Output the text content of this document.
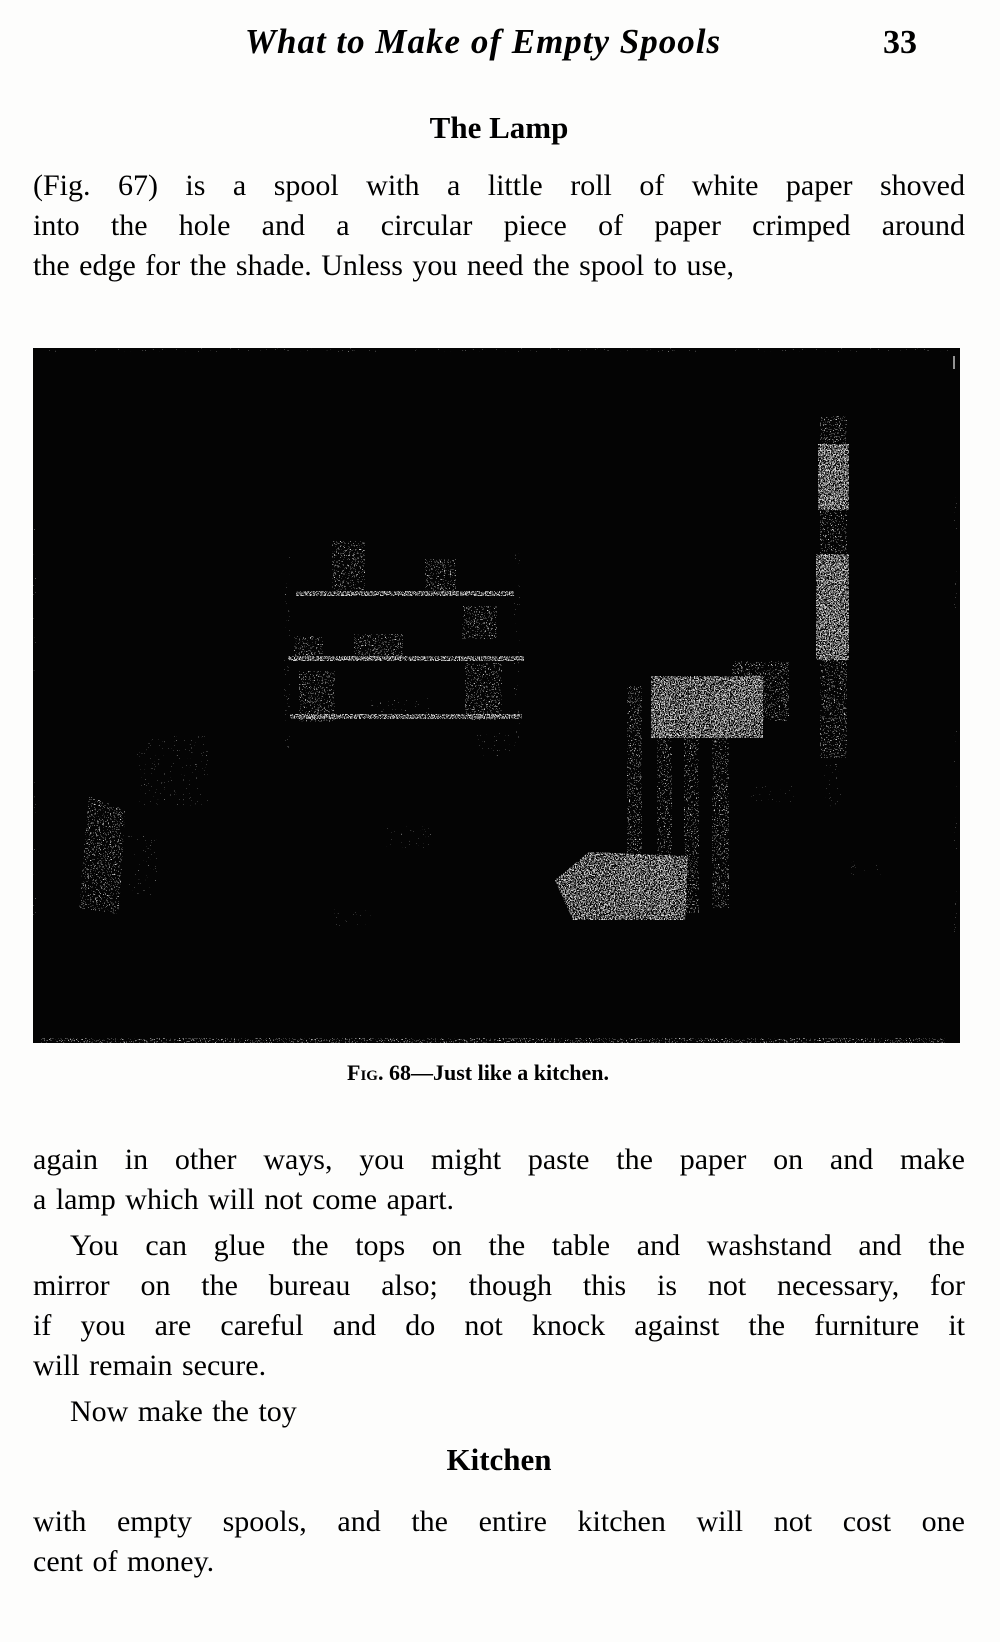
What to Make of Empty Spools	33
The Lamp
(Fig. 67) is a spool with a little roll of white paper shoved
into the hole and a circular piece of paper crimped around
the edge for the shade. Unless you need the spool to use,
Fig. 68—Just like a kitchen.
again in other ways, you might paste the paper on and make
a lamp which will not come apart.
You can glue the tops on the table and washstand and the
mirror on the bureau also; though this is not necessary, for
if you are careful and do not knock against the furniture it
will remain secure.
Now make the toy
Kitchen
with empty spools, and the entire kitchen will not cost one
cent of money.
